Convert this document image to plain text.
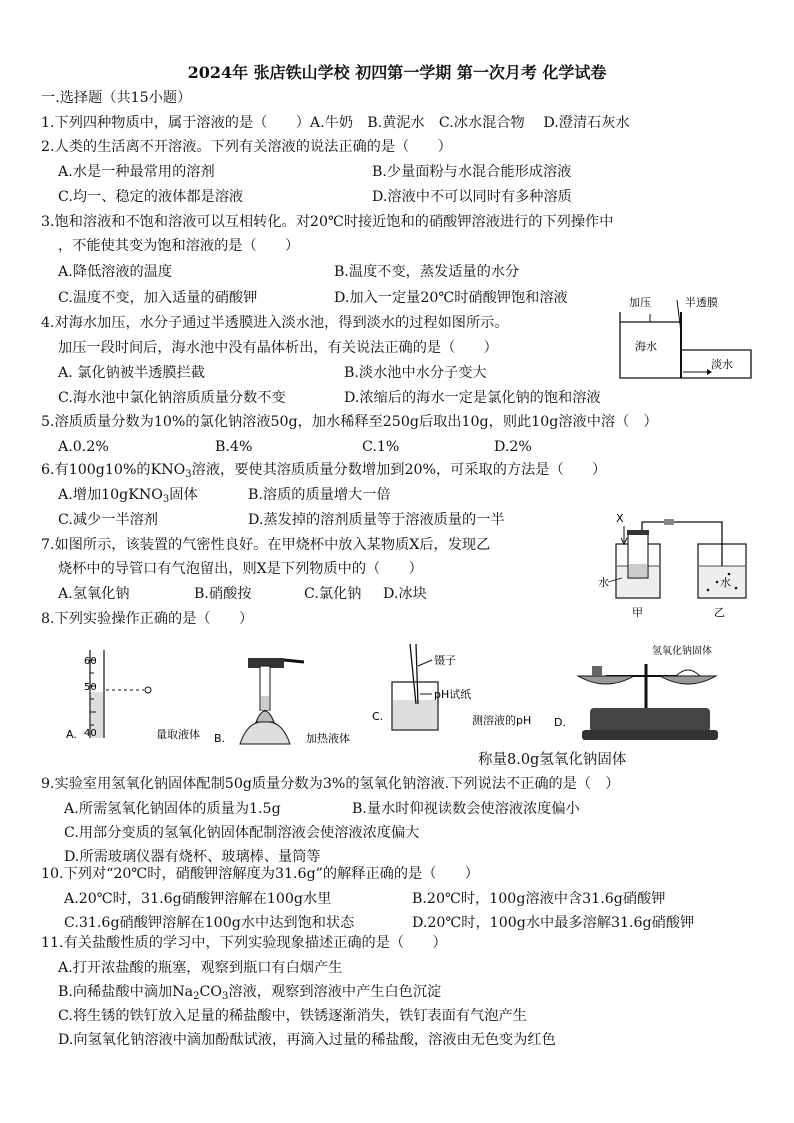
2024年 张店铁山学校 初四第一学期 第一次月考 化学试卷
一.选择题（共15小题）
1.下列四种物质中，属于溶液的是（　　）A.牛奶　B.黄泥水　C.冰水混合物　 D.澄清石灰水
2.人类的生活离不开溶液。下列有关溶液的说法正确的是（　　）
A.水是一种最常用的溶剂	B.少量面粉与水混合能形成溶液
C.均一、稳定的液体都是溶液	D.溶液中不可以同时有多种溶质
3.饱和溶液和不饱和溶液可以互相转化。对20℃时接近饱和的硝酸钾溶液进行的下列操作中
，不能使其变为饱和溶液的是（　　）
A.降低溶液的温度	B.温度不变，蒸发适量的水分
C.温度不变，加入适量的硝酸钾	D.加入一定量20℃时硝酸钾饱和溶液
4.对海水加压，水分子通过半透膜进入淡水池，得到淡水的过程如图所示。
加压一段时间后，海水池中没有晶体析出，有关说法正确的是（　　）
A. 氯化钠被半透膜拦截	B.淡水池中水分子变大
C.海水池中氯化钠溶质质量分数不变	D.浓缩后的海水一定是氯化钠的饱和溶液
加压	半透膜
海水
淡水
5.溶质质量分数为10%的氯化钠溶液50g，加水稀释至250g后取出10g，则此10g溶液中溶（　）
A.0.2%	B.4%	C.1%	D.2%
6.有100g10%的$KNO_3$溶液，要使其溶质质量分数增加到20%，可采取的方法是（　　）
A.增加10gKNO$_3$固体	B.溶质的质量增大一倍
C.减少一半溶剂	D.蒸发掉的溶剂质量等于溶液质量的一半
7.如图所示，该装置的气密性良好。在甲烧杯中放入某物质X后，发现乙
烧杯中的导管口有气泡留出，则X是下列物质中的（　　）
A.氢氧化钠	B.硝酸按	C.氯化钠 D.冰块
X
水	水
甲	乙
8.下列实验操作正确的是（　　）
60
50
40
A.	量取液体 B.	加热液体
镊子
pH试纸
C.	测溶液的pH
氢氧化钠固体
D.
称量8.0g氢氧化钠固体
9.实验室用氢氧化钠固体配制50g质量分数为3%的氢氧化钠溶液.下列说法不正确的是（　）
A.所需氢氧化钠固体的质量为1.5g	B.量水时仰视读数会使溶液浓度偏小
C.用部分变质的氢氧化钠固体配制溶液会使溶液浓度偏大
D.所需玻璃仪器有烧杯、玻璃棒、量筒等
10.下列对“20℃时，硝酸钾溶解度为31.6g”的解释正确的是（　　）
A.20℃时，31.6g硝酸钾溶解在100g水里	B.20℃时，100g溶液中含31.6g硝酸钾
C.31.6g硝酸钾溶解在100g水中达到饱和状态	D.20℃时，100g水中最多溶解31.6g硝酸钾
11.有关盐酸性质的学习中，下列实验现象描述正确的是（　　）
A.打开浓盐酸的瓶塞，观察到瓶口有白烟产生
B.向稀盐酸中滴加$Na_2CO_3$溶液，观察到溶液中产生白色沉淀
C.将生锈的铁钉放入足量的稀盐酸中，铁锈逐渐消失，铁钉表面有气泡产生
D.向氢氧化钠溶液中滴加酚酞试液，再滴入过量的稀盐酸，溶液由无色变为红色
